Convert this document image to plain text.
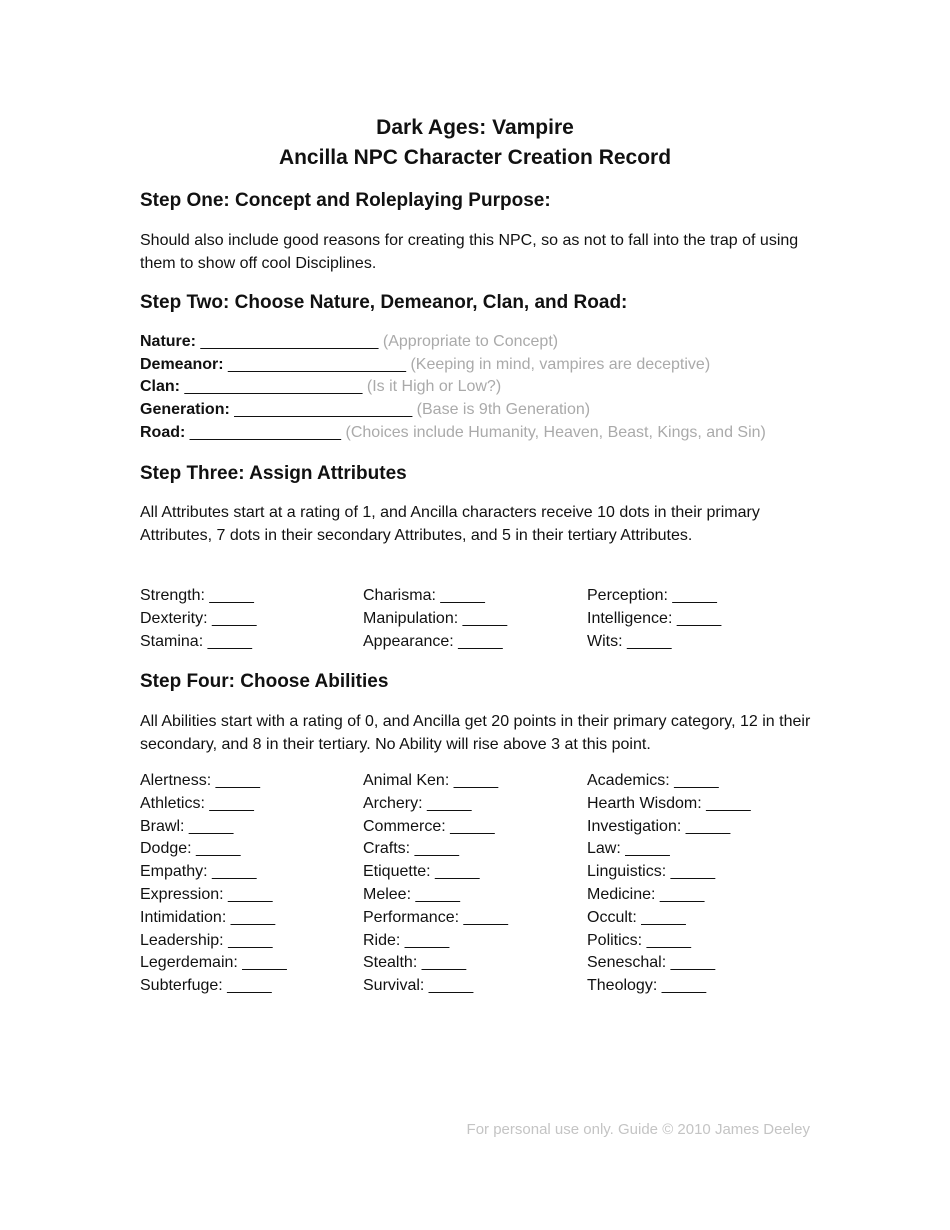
Dark Ages: Vampire
Ancilla NPC Character Creation Record
Step One: Concept and Roleplaying Purpose:
Should also include good reasons for creating this NPC, so as not to fall into the trap of using them to show off cool Disciplines.
Step Two: Choose Nature, Demeanor, Clan, and Road:
Nature: ____________________ (Appropriate to Concept)
Demeanor: ____________________ (Keeping in mind, vampires are deceptive)
Clan: ____________________ (Is it High or Low?)
Generation: ____________________ (Base is 9th Generation)
Road: _________________ (Choices include Humanity, Heaven, Beast, Kings, and Sin)
Step Three: Assign Attributes
All Attributes start at a rating of 1, and Ancilla characters receive 10 dots in their primary Attributes, 7 dots in their secondary Attributes, and 5 in their tertiary Attributes.
Strength: _____
Dexterity: _____
Stamina: _____
Charisma: _____
Manipulation: _____
Appearance: _____
Perception: _____
Intelligence: _____
Wits: _____
Step Four: Choose Abilities
All Abilities start with a rating of 0, and Ancilla get 20 points in their primary category, 12 in their secondary, and 8 in their tertiary. No Ability will rise above 3 at this point.
Alertness: _____
Athletics: _____
Brawl: _____
Dodge: _____
Empathy: _____
Expression: _____
Intimidation: _____
Leadership: _____
Legerdemain: _____
Subterfuge: _____
Animal Ken: _____
Archery: _____
Commerce: _____
Crafts: _____
Etiquette: _____
Melee: _____
Performance: _____
Ride: _____
Stealth: _____
Survival: _____
Academics: _____
Hearth Wisdom: _____
Investigation: _____
Law: _____
Linguistics: _____
Medicine: _____
Occult: _____
Politics: _____
Seneschal: _____
Theology: _____
For personal use only. Guide © 2010 James Deeley
